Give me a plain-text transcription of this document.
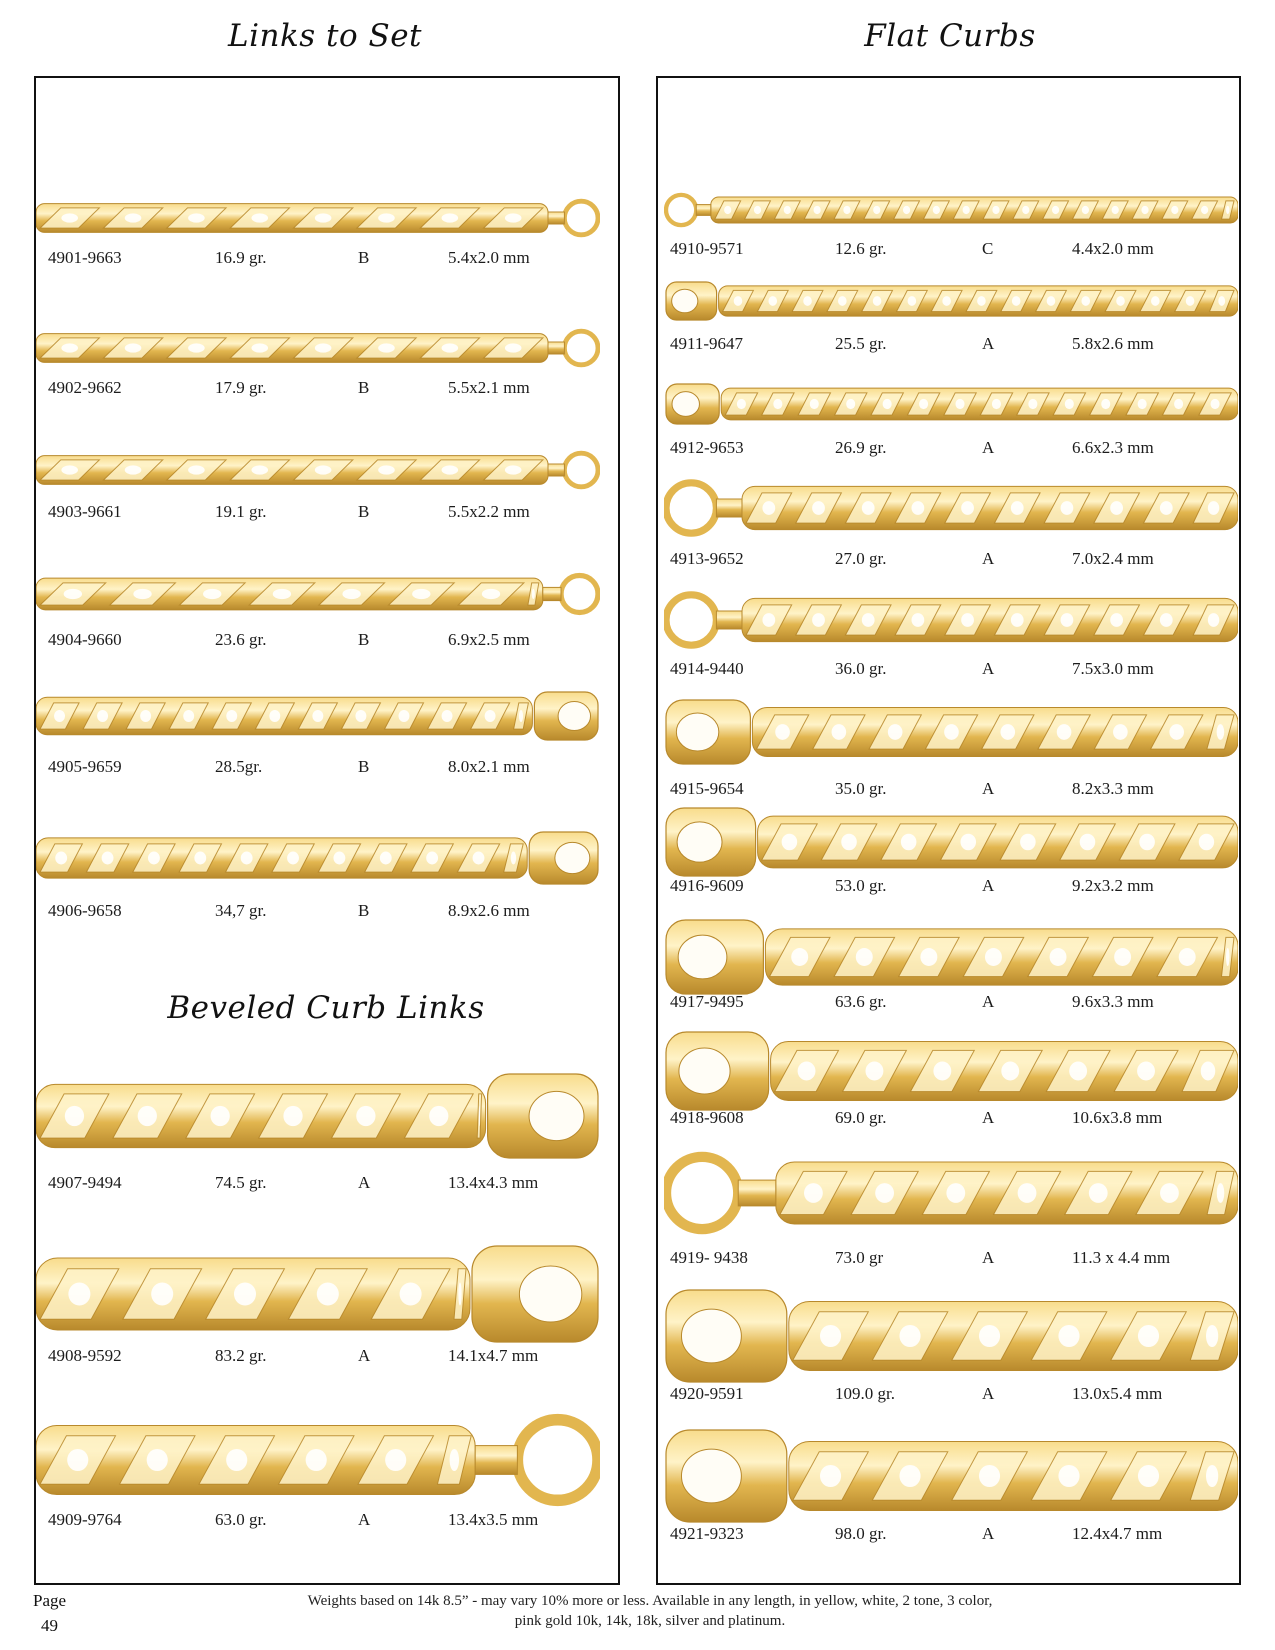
Links to Set	Flat Curbs
Beveled Curb Links
4901-9663	16.9 gr.	B	5.4x2.0 mm
4902-9662	17.9 gr.	B	5.5x2.1 mm
4903-9661	19.1 gr.	B	5.5x2.2 mm
4904-9660	23.6 gr.	B	6.9x2.5 mm
4905-9659	28.5gr.	B	8.0x2.1 mm
4906-9658	34,7 gr.	B	8.9x2.6 mm
4907-9494	74.5 gr.	A	13.4x4.3 mm
4908-9592	83.2 gr.	A	14.1x4.7 mm
4909-9764	63.0 gr.	A	13.4x3.5 mm
4910-9571	12.6 gr.	C	4.4x2.0 mm
4911-9647	25.5 gr.	A	5.8x2.6 mm
4912-9653	26.9 gr.	A	6.6x2.3 mm
4913-9652	27.0 gr.	A	7.0x2.4 mm
4914-9440	36.0 gr.	A	7.5x3.0 mm
4915-9654	35.0 gr.	A	8.2x3.3 mm
4916-9609	53.0 gr.	A	9.2x3.2 mm
4917-9495	63.6 gr.	A	9.6x3.3 mm
4918-9608	69.0 gr.	A	10.6x3.8 mm
4919- 9438	73.0 gr	A	11.3 x 4.4 mm
4920-9591	109.0 gr.	A	13.0x5.4 mm
4921-9323	98.0 gr.	A	12.4x4.7 mm
Page
49
Weights based on 14k 8.5” - may vary 10% more or less. Available in any length, in yellow, white, 2 tone, 3 color,
pink gold 10k, 14k, 18k, silver and platinum.
